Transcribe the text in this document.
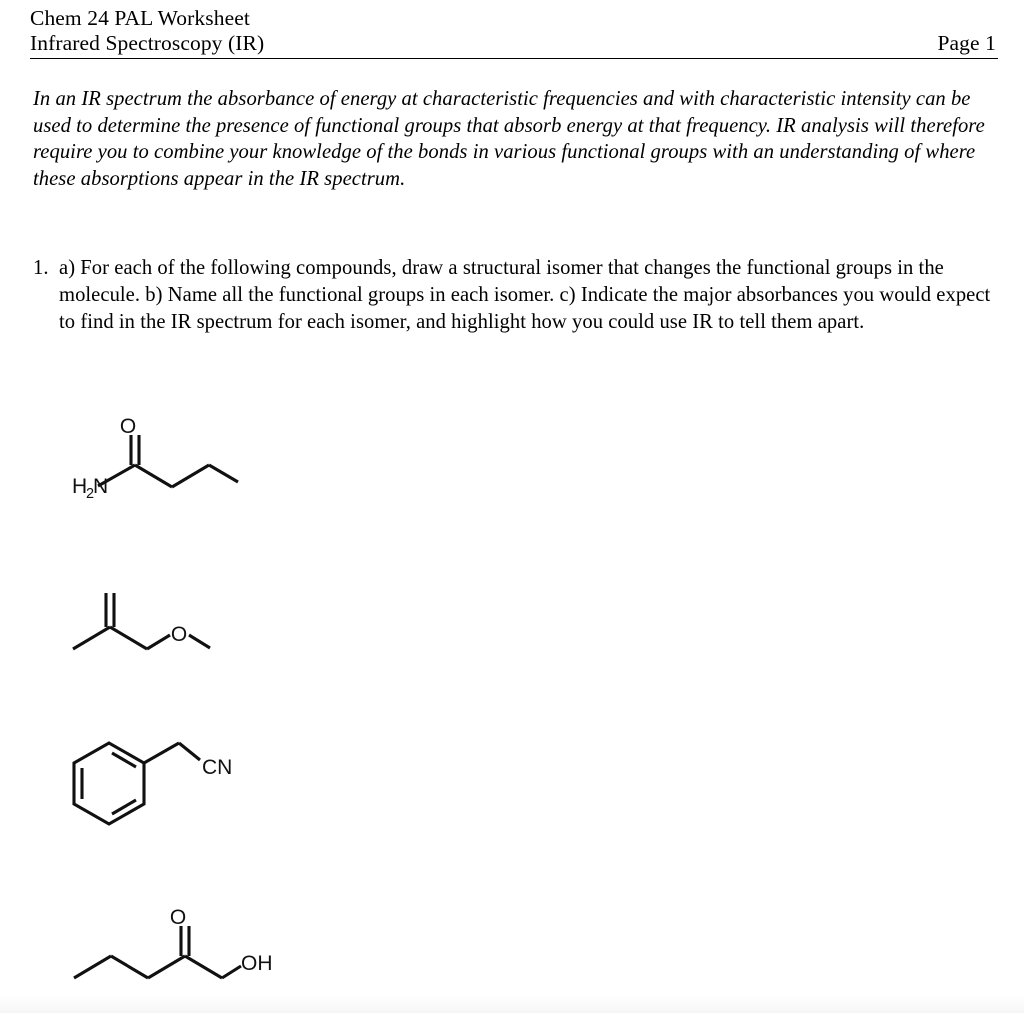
Chem 24 PAL Worksheet
Infrared Spectroscopy (IR)	Page 1
In an IR spectrum the absorbance of energy at characteristic frequencies and with characteristic intensity can be used to determine the presence of functional groups that absorb energy at that frequency. IR analysis will therefore require you to combine your knowledge of the bonds in various functional groups with an understanding of where these absorptions appear in the IR spectrum.
1. a) For each of the following compounds, draw a structural isomer that changes the functional groups in the molecule. b) Name all the functional groups in each isomer. c) Indicate the major absorbances you would expect to find in the IR spectrum for each isomer, and highlight how you could use IR to tell them apart.
O
H
2
N
O
CN
O
OH
